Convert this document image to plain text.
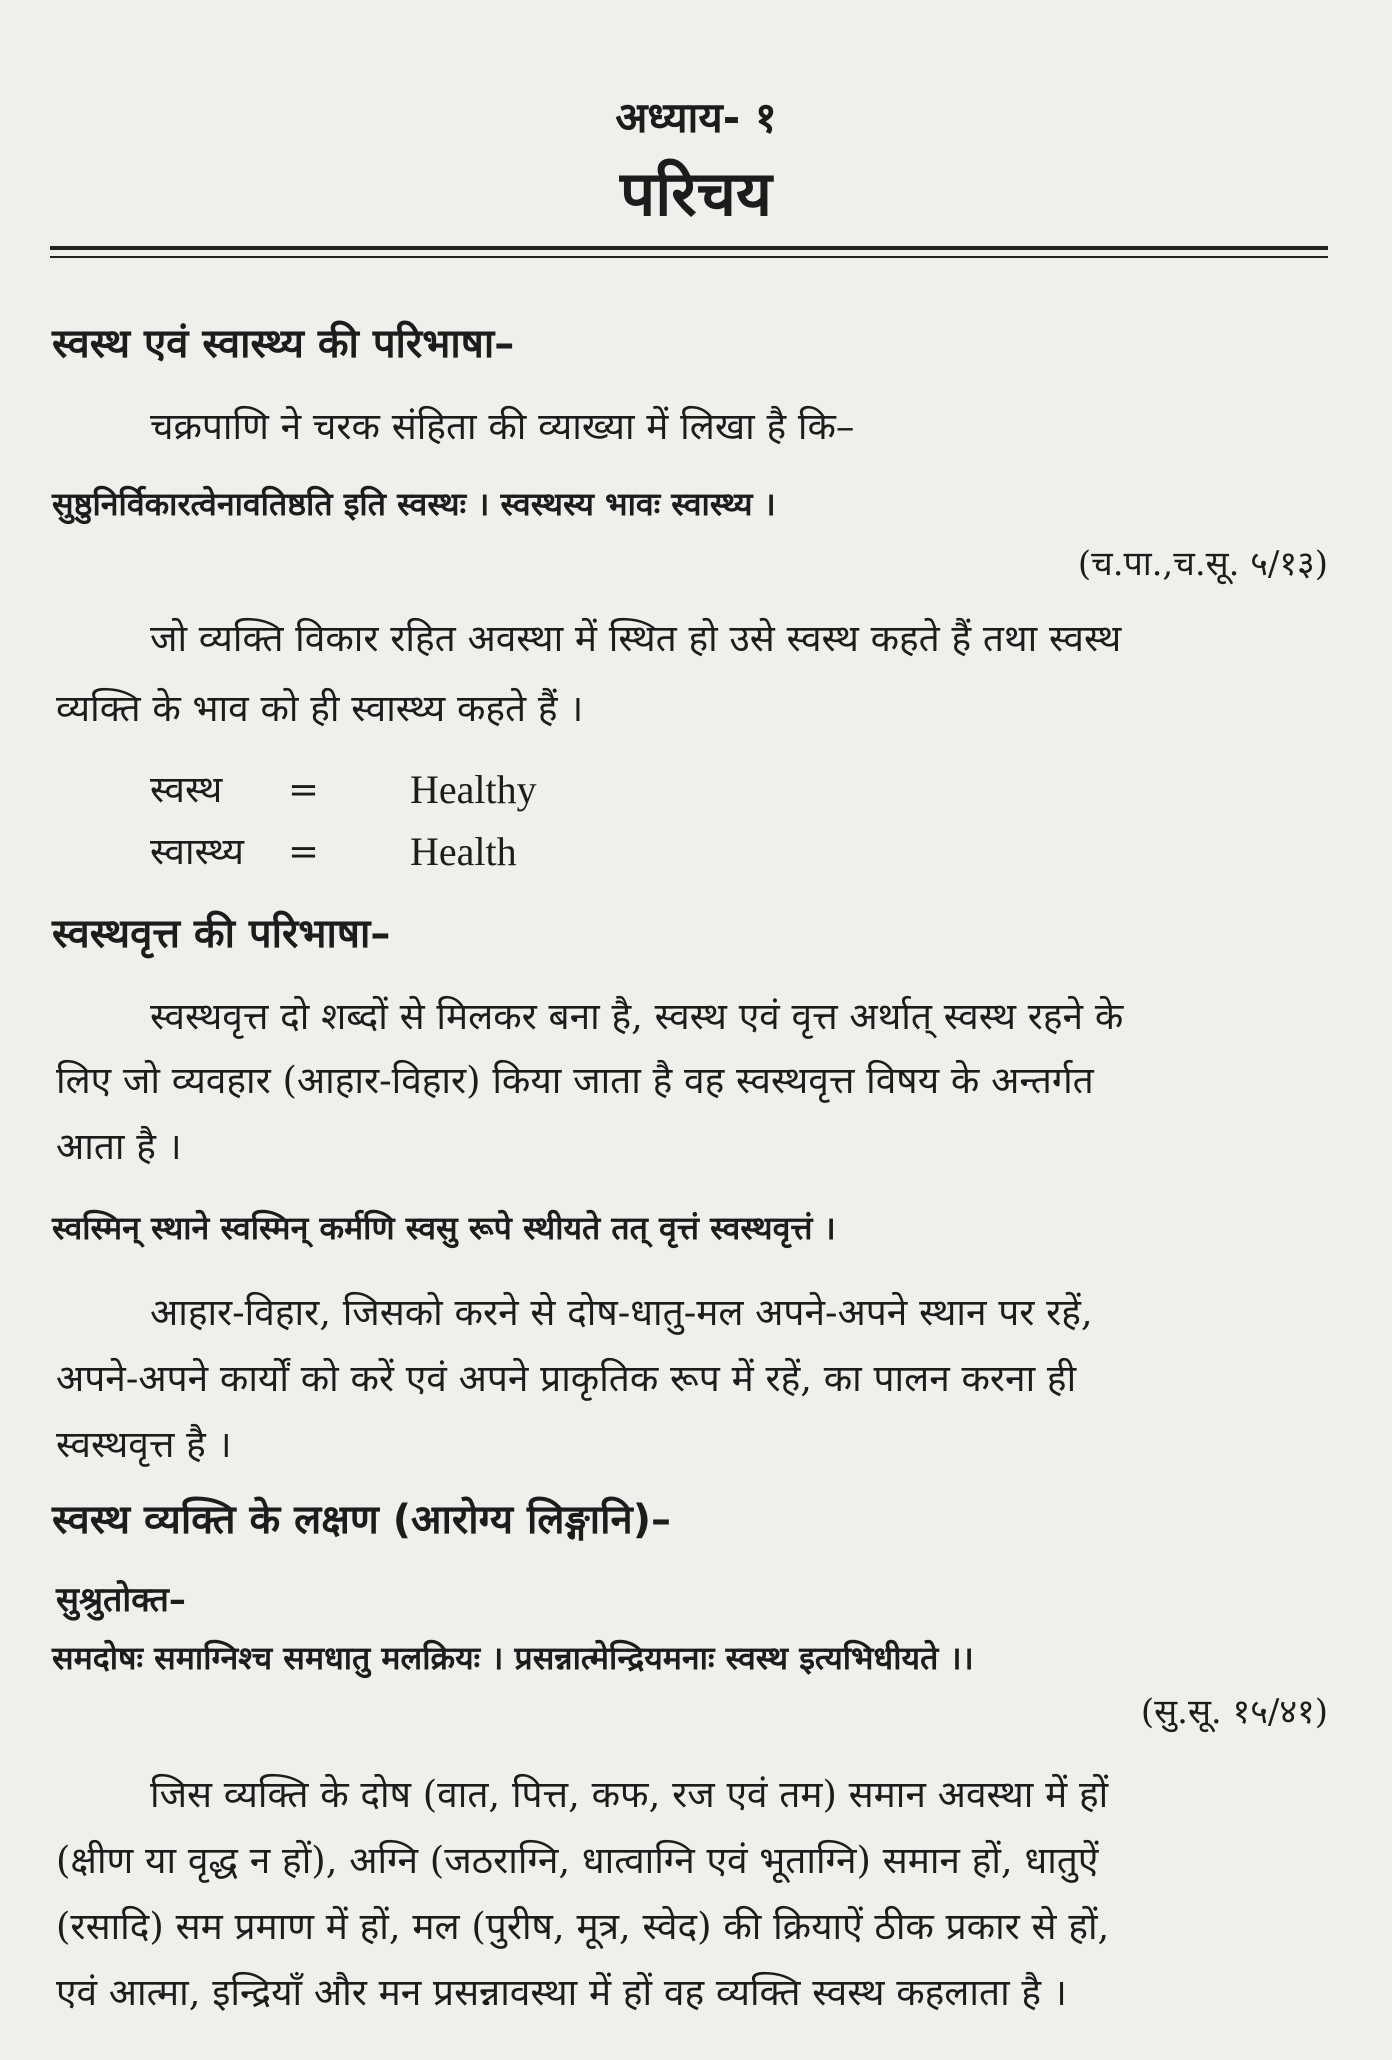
अध्याय- १
परिचय
स्वस्थ एवं स्वास्थ्य की परिभाषा–
चक्रपाणि ने चरक संहिता की व्याख्या में लिखा है कि–
सुष्ठुनिर्विकारत्वेनावतिष्ठति इति स्वस्थः । स्वस्थस्य भावः स्वास्थ्य ।
(च.पा.,च.सू. ५/१३)
जो व्यक्ति विकार रहित अवस्था में स्थित हो उसे स्वस्थ कहते हैं तथा स्वस्थ
व्यक्ति के भाव को ही स्वास्थ्य कहते हैं ।
स्वस्थ = Healthy
स्वास्थ्य = Health
स्वस्थवृत्त की परिभाषा–
स्वस्थवृत्त दो शब्दों से मिलकर बना है, स्वस्थ एवं वृत्त अर्थात् स्वस्थ रहने के
लिए जो व्यवहार (आहार-विहार) किया जाता है वह स्वस्थवृत्त विषय के अन्तर्गत
आता है ।
स्वस्मिन् स्थाने स्वस्मिन् कर्मणि स्वसु रूपे स्थीयते तत् वृत्तं स्वस्थवृत्तं ।
आहार-विहार, जिसको करने से दोष-धातु-मल अपने-अपने स्थान पर रहें,
अपने-अपने कार्यों को करें एवं अपने प्राकृतिक रूप में रहें, का पालन करना ही
स्वस्थवृत्त है ।
स्वस्थ व्यक्ति के लक्षण (आरोग्य लिङ्गानि)–
सुश्रुतोक्त–
समदोषः समाग्निश्च समधातु मलक्रियः । प्रसन्नात्मेन्द्रियमनाः स्वस्थ इत्यभिधीयते ।।
(सु.सू. १५/४१)
जिस व्यक्ति के दोष (वात, पित्त, कफ, रज एवं तम) समान अवस्था में हों
(क्षीण या वृद्ध न हों), अग्नि (जठराग्नि, धात्वाग्नि एवं भूताग्नि) समान हों, धातुऐं
(रसादि) सम प्रमाण में हों, मल (पुरीष, मूत्र, स्वेद) की क्रियाऐं ठीक प्रकार से हों,
एवं आत्मा, इन्द्रियाँ और मन प्रसन्नावस्था में हों वह व्यक्ति स्वस्थ कहलाता है ।
